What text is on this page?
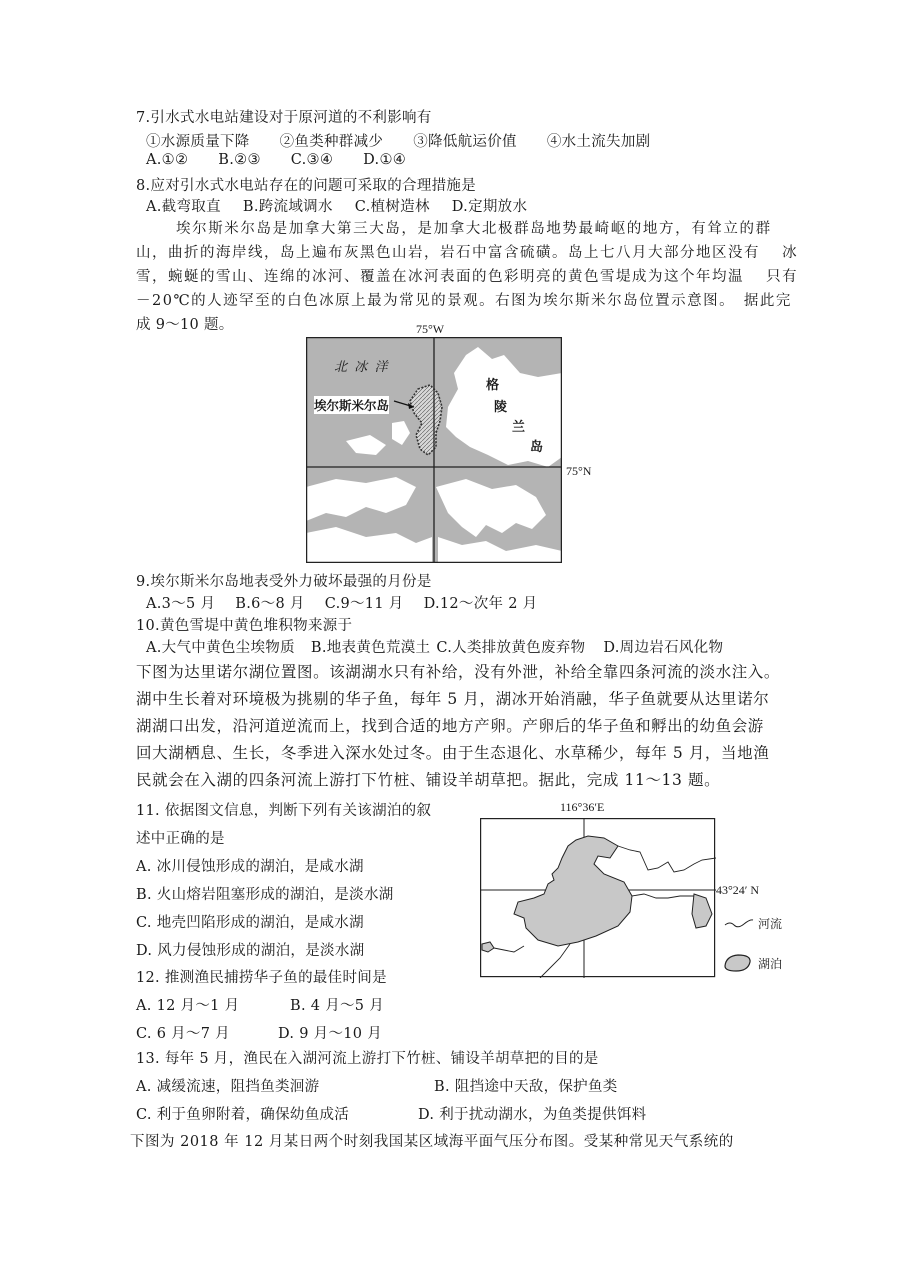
7.引水式水电站建设对于原河道的不利影响有
①水源质量下降 ②鱼类种群减少 ③降低航运价值 ④水土流失加剧
A.①② B.②③ C.③④ D.①④
8.应对引水式水电站存在的问题可采取的合理措施是
A.截弯取直 B.跨流域调水 C.植树造林 D.定期放水
埃尔斯米尔岛是加拿大第三大岛，是加拿大北极群岛地势最崎岖的地方，有耸立的群
山，曲折的海岸线，岛上遍布灰黑色山岩，岩石中富含硫磺。岛上七八月大部分地区没有　 冰
雪，蜿蜒的雪山、连绵的冰河、覆盖在冰河表面的色彩明亮的黄色雪堤成为这个年均温　 只有
－20℃的人迹罕至的白色冰原上最为常见的景观。右图为埃尔斯米尔岛位置示意图。　据此完
成 9～10 题。	75°W
75°N
北 冰 洋
埃尔斯米尔岛
格
陵
兰
岛
9.埃尔斯米尔岛地表受外力破坏最强的月份是
A.3～5 月 B.6～8 月 C.9～11 月 D.12～次年 2 月
10.黄色雪堤中黄色堆积物来源于
A.大气中黄色尘埃物质 B.地表黄色荒漠土 C.人类排放黄色废弃物 D.周边岩石风化物
下图为达里诺尔湖位置图。该湖湖水只有补给，没有外泄，补给全靠四条河流的淡水注入。
湖中生长着对环境极为挑剔的华子鱼，每年 5 月，湖冰开始消融，华子鱼就要从达里诺尔
湖湖口出发，沿河道逆流而上，找到合适的地方产卵。产卵后的华子鱼和孵出的幼鱼会游
回大湖栖息、生长，冬季进入深水处过冬。由于生态退化、水草稀少，每年 5 月，当地渔
民就会在入湖的四条河流上游打下竹桩、铺设羊胡草把。据此，完成 11～13 题。
11. 依据图文信息，判断下列有关该湖泊的叙
述中正确的是
A. 冰川侵蚀形成的湖泊，是咸水湖
B. 火山熔岩阻塞形成的湖泊，是淡水湖
C. 地壳凹陷形成的湖泊，是咸水湖
D. 风力侵蚀形成的湖泊，是淡水湖
12. 推测渔民捕捞华子鱼的最佳时间是
A. 12 月～1 月	B. 4 月～5 月
C. 6 月～7 月	D. 9 月～10 月
116°36′E
43°24′ N
河流
湖泊
13. 每年 5 月，渔民在入湖河流上游打下竹桩、铺设羊胡草把的目的是
A. 减缓流速，阻挡鱼类洄游	B. 阻挡途中天敌，保护鱼类
C. 利于鱼卵附着，确保幼鱼成活	D. 利于扰动湖水，为鱼类提供饵料
下图为 2018 年 12 月某日两个时刻我国某区域海平面气压分布图。受某种常见天气系统的
